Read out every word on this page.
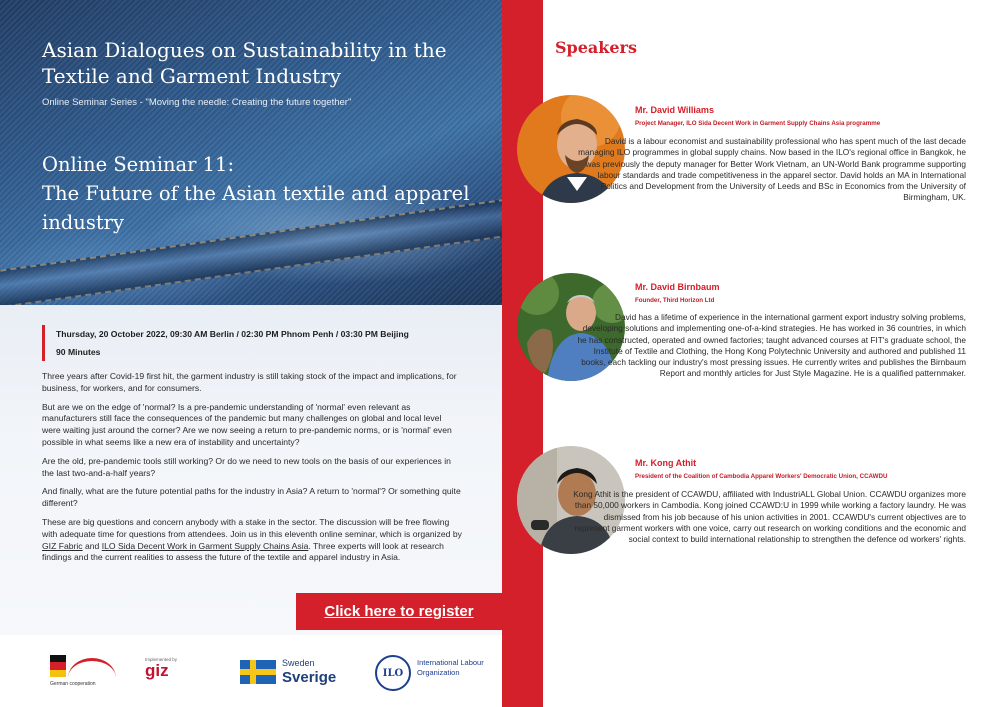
Asian Dialogues on Sustainability in the Textile and Garment Industry
Online Seminar Series - "Moving the needle: Creating the future together"
Online Seminar 11:
The Future of the Asian textile and apparel industry
Thursday, 20 October 2022, 09:30 AM Berlin / 02:30 PM Phnom Penh / 03:30 PM Beijing
90 Minutes

Three years after Covid-19 first hit, the garment industry is still taking stock of the impact and implications, for business, for workers, and for consumers.

But are we on the edge of 'normal? Is a pre-pandemic understanding of 'normal' even relevant as manufacturers still face the consequences of the pandemic but many challenges on global and local level were waiting just around the corner? Are we now seeing a return to pre-pandemic norms, or is 'normal' even possible in what seems like a new era of instability and uncertainty?

Are the old, pre-pandemic tools still working? Or do we need to new tools on the basis of our experiences in the last two-and-a-half years?

And finally, what are the future potential paths for the industry in Asia? A return to 'normal'? Or something quite different?

These are big questions and concern anybody with a stake in the sector. The discussion will be free flowing with adequate time for questions from attendees. Join us in this eleventh online seminar, which is organized by GIZ Fabric and ILO Sida Decent Work in Garment Supply Chains Asia. Three experts will look at research findings and the current realities to assess the future of the textile and apparel industry in Asia.

Click here to register
German cooperation
Implemented by
giz	Sweden
Sverige	ILO
International Labour Organization
Speakers
Mr. David Williams
Project Manager, ILO Sida Decent Work in Garment Supply Chains Asia programme
David is a labour economist and sustainability professional who has spent much of the last decade managing ILO programmes in global supply chains. Now based in the ILO's regional office in Bangkok, he was previously the deputy manager for Better Work Vietnam, an UN-World Bank programme supporting labour standards and trade competitiveness in the apparel sector. David holds an MA in International Politics and Development from the University of Leeds and BSc in Economics from the University of Birmingham, UK.
Mr. David Birnbaum
Founder, Third Horizon Ltd
David has a lifetime of experience in the international garment export industry solving problems, developing solutions and implementing one-of-a-kind strategies. He has worked in 36 countries, in which he has constructed, operated and owned factories; taught advanced courses at FIT's graduate school, the Institute of Textile and Clothing, the Hong Kong Polytechnic University and authored and published 11 books, each tackling our industry's most pressing issues. He currently writes and publishes the Birnbaum Report and monthly articles for Just Style Magazine. He is a qualified patternmaker.
Mr. Kong Athit
President of the Coalition of Cambodia Apparel Workers' Democratic Union, CCAWDU
Kong Athit is the president of CCAWDU, affiliated with IndustriALL Global Union. CCAWDU organizes more than 50,000 workers in Cambodia. Kong joined CCAWD:U in 1999 while working a factory laundry. He was dismissed from his job because of his union activities in 2001. CCAWDU's current objectives are to represent garment workers with one voice, carry out research on working conditions and the economic and social context to build international relationship to strengthen the defence od workers' rights.
